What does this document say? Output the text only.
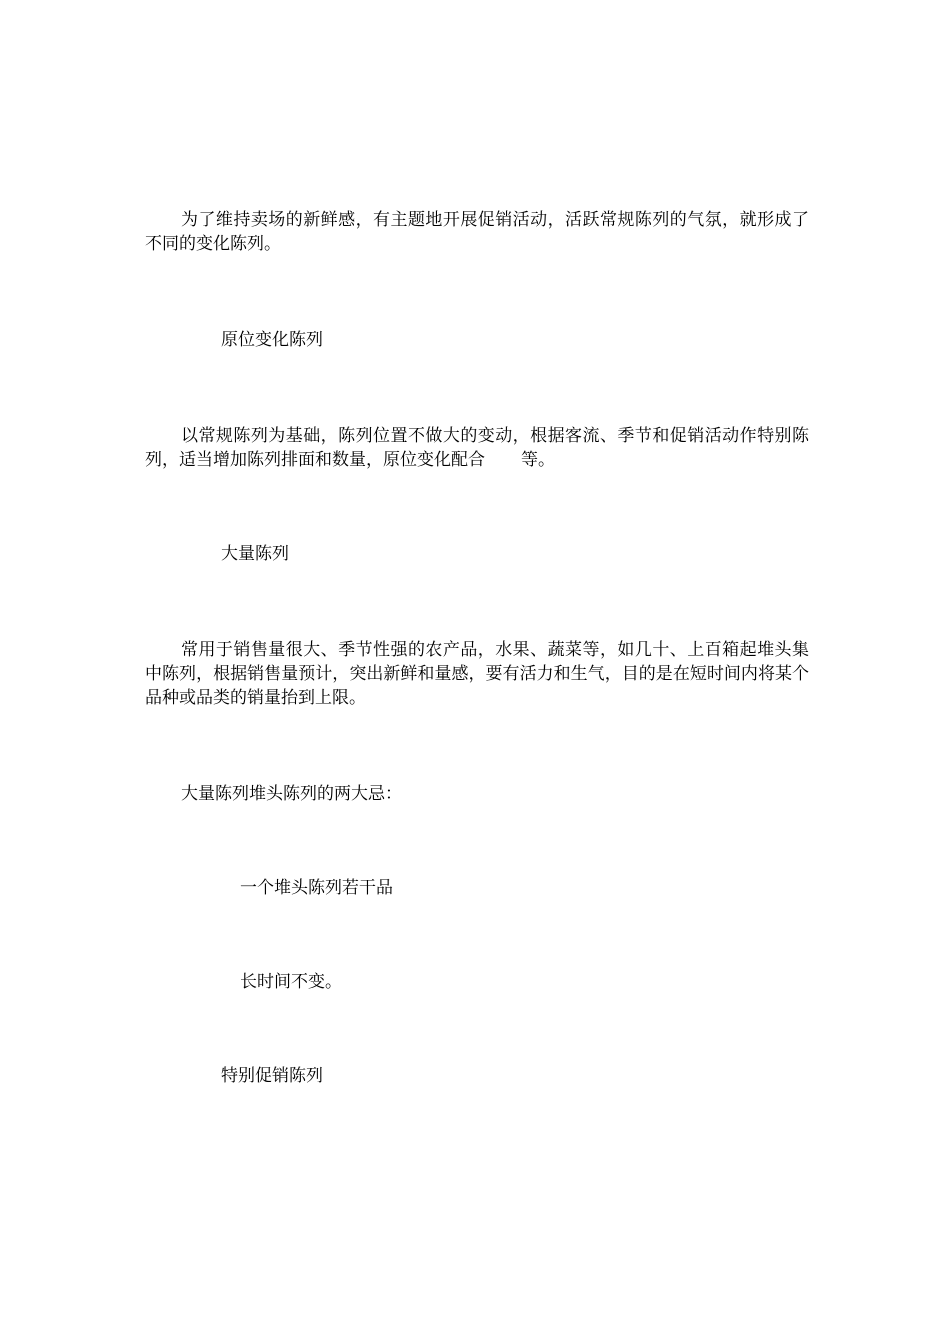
为了维持卖场的新鲜感，有主题地开展促销活动，活跃常规陈列的气氛，就形成了不同的变化陈列。

原位变化陈列

以常规陈列为基础，陈列位置不做大的变动，根据客流、季节和促销活动作特别陈列，适当增加陈列排面和数量，原位变化配合 等。

大量陈列

常用于销售量很大、季节性强的农产品，水果、蔬菜等，如几十、上百箱起堆头集中陈列，根据销售量预计，突出新鲜和量感，要有活力和生气，目的是在短时间内将某个品种或品类的销量抬到上限。

大量陈列堆头陈列的两大忌：

一个堆头陈列若干品

长时间不变。

特别促销陈列
